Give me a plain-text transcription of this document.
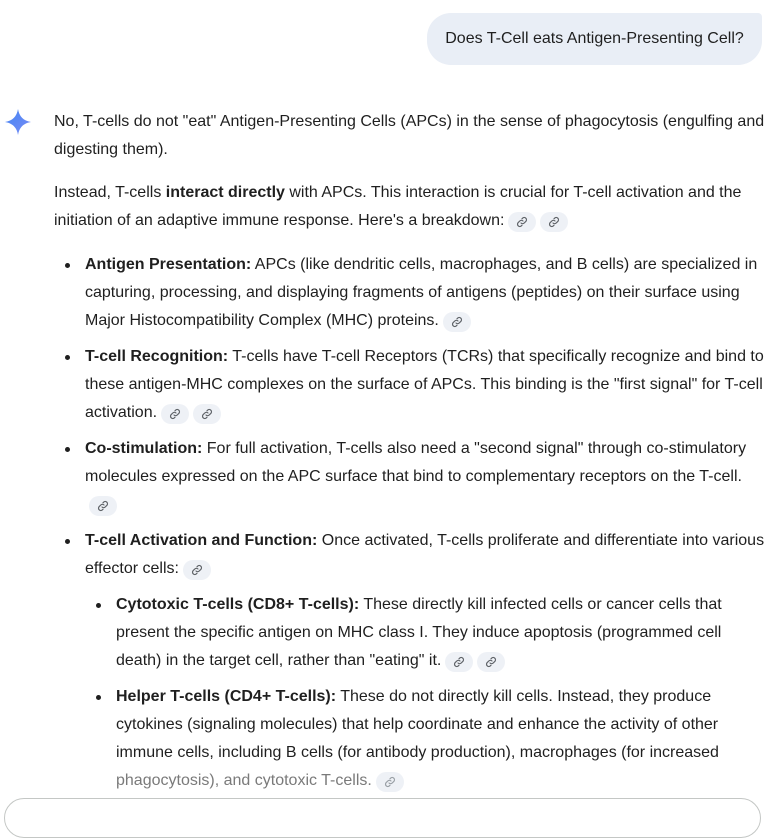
Does T-Cell eats Antigen-Presenting Cell?

No, T-cells do not "eat" Antigen-Presenting Cells (APCs) in the sense of phagocytosis (engulfing and digesting them).

Instead, T-cells interact directly with APCs. This interaction is crucial for T-cell activation and the initiation of an adaptive immune response. Here's a breakdown:

Antigen Presentation: APCs (like dendritic cells, macrophages, and B cells) are specialized in capturing, processing, and displaying fragments of antigens (peptides) on their surface using Major Histocompatibility Complex (MHC) proteins.
T-cell Recognition: T-cells have T-cell Receptors (TCRs) that specifically recognize and bind to these antigen-MHC complexes on the surface of APCs. This binding is the "first signal" for T-cell activation.
Co-stimulation: For full activation, T-cells also need a "second signal" through co-stimulatory molecules expressed on the APC surface that bind to complementary receptors on the T-cell.
T-cell Activation and Function: Once activated, T-cells proliferate and differentiate into various effector cells:
Cytotoxic T-cells (CD8+ T-cells): These directly kill infected cells or cancer cells that present the specific antigen on MHC class I. They induce apoptosis (programmed cell death) in the target cell, rather than "eating" it.
Helper T-cells (CD4+ T-cells): These do not directly kill cells. Instead, they produce cytokines (signaling molecules) that help coordinate and enhance the activity of other immune cells, including B cells (for antibody production), macrophages (for increased phagocytosis), and cytotoxic T-cells.
